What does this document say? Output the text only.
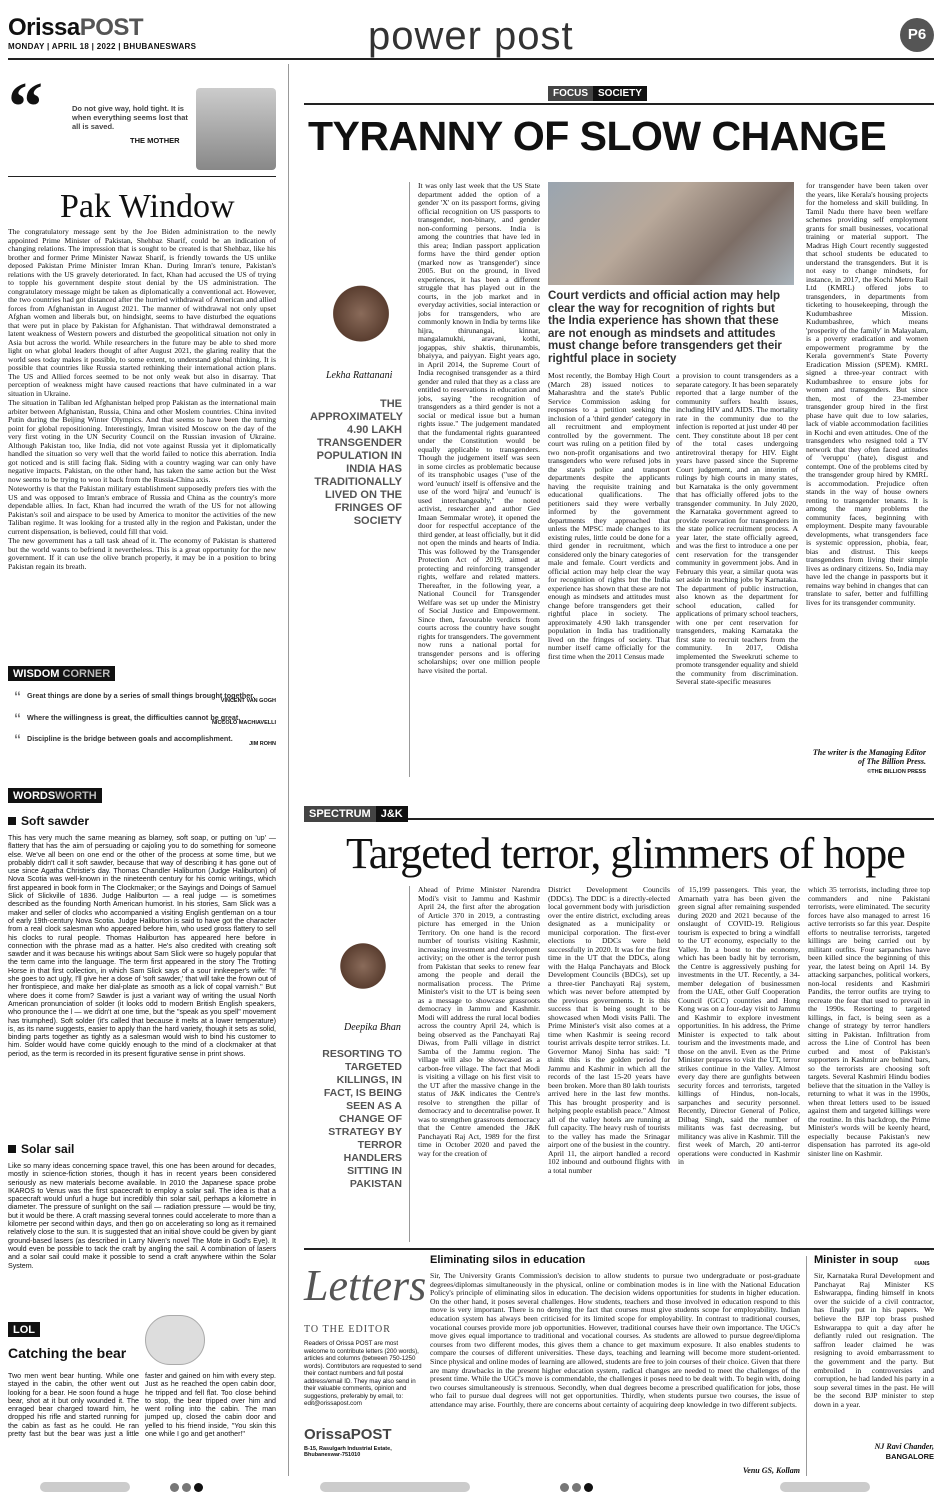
OrissaPOST
MONDAY | APRIL 18 | 2022 | BHUBANESWARS	power post	P6
“	Do not give way, hold tight. It is when everything seems lost that all is saved.
THE MOTHER
Pak Window

The congratulatory message sent by the Joe Biden administration to the newly appointed Prime Minister of Pakistan, Shehbaz Sharif, could be an indication of changing relations. The impression that is sought to be created is that Shehbaz, like his brother and former Prime Minister Nawaz Sharif, is friendly towards the US unlike deposed Pakistan Prime Minister Imran Khan. During Imran's tenure, Pakistan's relations with the US gravely deteriorated. In fact, Khan had accused the US of trying to topple his government despite stout denial by the US administration. The congratulatory message might be taken as diplomatically a conventional act. However, the two countries had got distanced after the hurried withdrawal of American and allied forces from Afghanistan in August 2021. The manner of withdrawal not only upset Afghan women and liberals but, on hindsight, seems to have disturbed the equations that were put in place by Pakistan for Afghanistan. That withdrawal demonstrated a latent weakness of Western powers and disturbed the geopolitical situation not only in Asia but across the world. While researchers in the future may be able to shed more light on what global leaders thought of after August 2021, the glaring reality that the world sees today makes it possible, to some extent, to understand global thinking. It is possible that countries like Russia started rethinking their international action plans. The US and Allied forces seemed to be not only weak but also in disarray. That perception of weakness might have caused reactions that have culminated in a war situation in Ukraine.

The situation in Taliban led Afghanistan helped prop Pakistan as the international main arbiter between Afghanistan, Russia, China and other Moslem countries. China invited Putin during the Beijing Winter Olympics. And that seems to have been the turning point for global repositioning. Interestingly, Imran visited Moscow on the day of the very first voting in the UN Security Council on the Russian invasion of Ukraine. Although Pakistan too, like India, did not vote against Russia yet it diplomatically handled the situation so very well that the world failed to notice this aberration. India got noticed and is still facing flak. Siding with a country waging war can only have negative impacts. Pakistan, on the other hand, has taken the same action but the West now seems to be trying to woo it back from the Russia-China axis.

Noteworthy is that the Pakistan military establishment supposedly prefers ties with the US and was opposed to Imran's embrace of Russia and China as the country's more dependable allies. In fact, Khan had incurred the wrath of the US for not allowing Pakistan's soil and airspace to be used by America to monitor the activities of the new Taliban regime. It was looking for a trusted ally in the region and Pakistan, under the current dispensation, is believed, could fill that void.

The new government has a tall task ahead of it. The economy of Pakistan is shattered but the world wants to befriend it nevertheless. This is a great opportunity for the new government. If it can use the olive branch properly, it may be in a position to bring Pakistan regain its breath.

WISDOM CORNER
“ Great things are done by a series of small things brought together.
VINCENT VAN GOGH
“ Where the willingness is great, the difficulties cannot be great.
NICCOLO MACHIAVELLI
“ Discipline is the bridge between goals and accomplishment.
JIM ROHN
WORDSWORTH
Soft sawder
This has very much the same meaning as blarney, soft soap, or putting on 'up' — flattery that has the aim of persuading or cajoling you to do something for someone else. We've all been on one end or the other of the process at some time, but we probably didn't call it soft sawder, because that way of describing it has gone out of use since Agatha Christie's day. Thomas Chandler Haliburton (Judge Haliburton) of Nova Scotia was well-known in the nineteenth century for his comic writings, which first appeared in book form in The Clockmaker; or the Sayings and Doings of Samuel Slick of Slickville of 1836. Judge Haliburton — a real judge — is sometimes described as the founding North American humorist. In his stories, Sam Slick was a maker and seller of clocks who accompanied a visiting English gentleman on a tour of early 19th-century Nova Scotia. Judge Haliburton is said to have got the character from a real clock salesman who appeared before him, who used gross flattery to sell his clocks to rural people. Thomas Haliburton has appeared here before in connection with the phrase mad as a hatter. He's also credited with creating soft sawder and it was because his writings about Sam Slick were so hugely popular that the term came into the language. The term first appeared in the story The Trotting Horse in that first collection, in which Sam Slick says of a sour innkeeper's wife: "If she goes to act ugly, I'll give her a dose of 'soft sawder,' that will take the frown out of her frontispiece, and make her dial-plate as smooth as a lick of copal varnish." But where does it come from? Sawder is just a variant way of writing the usual North American pronunciation of solder (it looks odd to modern British English speakers, who pronounce the l — we didn't at one time, but the "speak as you spell" movement has triumphed). Soft solder (it's called that because it melts at a lower temperature) is, as its name suggests, easier to apply than the hard variety, though it sets as solid, binding parts together as tightly as a salesman would wish to bind his customer to him. Solder would have come quickly enough to the mind of a clockmaker at that period, as the term is recorded in its present figurative sense in print shows.
Solar sail
Like so many ideas concerning space travel, this one has been around for decades, mostly in science-fiction stories, though it has in recent years been considered seriously as new materials become available. In 2010 the Japanese space probe IKAROS to Venus was the first spacecraft to employ a solar sail. The idea is that a spacecraft would unfurl a huge but incredibly thin solar sail, perhaps a kilometre in diameter. The pressure of sunlight on the sail — radiation pressure — would be tiny, but it would be there. A craft massing several tonnes could accelerate to more than a kilometre per second within days, and then go on accelerating so long as it remained relatively close to the sun. It is suggested that an initial shove could be given by giant ground-based lasers (as described in Larry Niven's novel The Mote in God's Eye). It would even be possible to tack the craft by angling the sail. A combination of lasers and a solar sail could make it possible to send a craft anywhere within the Solar System.
LOL
Catching the bear
Two men went bear hunting. While one stayed in the cabin, the other went out looking for a bear. He soon found a huge bear, shot at it but only wounded it. The enraged bear charged toward him, he dropped his rifle and started running for the cabin as fast as he could. He ran pretty fast but the bear was just a little faster and gained on him with every step. Just as he reached the open cabin door, he tripped and fell flat. Too close behind to stop, the bear tripped over him and went rolling into the cabin. The man jumped up, closed the cabin door and yelled to his friend inside, "You skin this one while I go and get another!"
FOCUS SOCIETY
TYRANNY OF SLOW CHANGE
Lekha Rattanani
THE APPROXIMATELY 4.90 LAKH TRANSGENDER POPULATION IN INDIA HAS TRADITIONALLY LIVED ON THE FRINGES OF SOCIETY

It was only last week that the US State department added the option of a gender 'X' on its passport forms, giving official recognition on US passports to transgender, non-binary, and gender non-conforming persons. India is among the countries that have led in this area; Indian passport application forms have the third gender option (marked now as 'transgender') since 2005. But on the ground, in lived experiences, it has been a different struggle that has played out in the courts, in the job market and in everyday activities, social interaction or jobs for transgenders, who are commonly known in India by terms like hijra, thirunangai, kinnar, mangalamukhi, aravani, kothi, jogappas, shiv shaktis, thirunambis, bhaiyya, and paiyyan. Eight years ago, in April 2014, the Supreme Court of India recognised transgender as a third gender and ruled that they as a class are entitled to reservations in education and jobs, saying "the recognition of transgenders as a third gender is not a social or medical issue but a human rights issue." The judgement mandated that the fundamental rights guaranteed under the Constitution would be equally applicable to transgenders. Though the judgement itself was seen in some circles as problematic because of its transphobic usages ("use of the word 'eunuch' itself is offensive and the use of the word 'hijra' and 'eunuch' is used interchangeably," the noted activist, researcher and author Gee Imaan Semmalar wrote), it opened the door for respectful acceptance of the third gender, at least officially, but it did not open the minds and hearts of India. This was followed by the Transgender Protection Act of 2019, aimed at protecting and reinforcing transgender rights, welfare and related matters. Thereafter, in the following year, a National Council for Transgender Welfare was set up under the Ministry of Social Justice and Empowerment. Since then, favourable verdicts from courts across the country have sought rights for transgenders. The government now runs a national portal for transgender persons and is offering scholarships; over one million people have visited the portal.

Court verdicts and official action may help clear the way for recognition of rights but the India experience has shown that these are not enough as mindsets and attitudes must change before transgenders get their rightful place in society

Most recently, the Bombay High Court (March 28) issued notices to Maharashtra and the state's Public Service Commission asking for responses to a petition seeking the inclusion of a 'third gender' category in all recruitment and employment controlled by the government. The court was ruling on a petition filed by two non-profit organisations and two transgenders who were refused jobs in the state's police and transport departments despite the applicants having the requisite training and educational qualifications. The petitioners said they were verbally informed by the government departments they approached that unless the MPSC made changes to its existing rules, little could be done for a third gender in recruitment, which considered only the binary categories of male and female. Court verdicts and official action may help clear the way for recognition of rights but the India experience has shown that these are not enough as mindsets and attitudes must change before transgenders get their rightful place in society. The approximately 4.90 lakh transgender population in India has traditionally lived on the fringes of society. That number itself came officially for the first time when the 2011 Census made

a provision to count transgenders as a separate category. It has been separately reported that a large number of the community suffers health issues, including HIV and AIDS. The mortality rate in the community due to the infection is reported at just under 40 per cent. They constitute about 18 per cent of the total cases undergoing antiretroviral therapy for HIV. Eight years have passed since the Supreme Court judgement, and an interim of rulings by high courts in many states, but Karnataka is the only government that has officially offered jobs to the transgender community. In July 2020, the Karnataka government agreed to provide reservation for transgenders in the state police recruitment process. A year later, the state officially agreed, and was the first to introduce a one per cent reservation for the transgender community in government jobs. And in February this year, a similar quota was set aside in teaching jobs by Karnataka. The department of public instruction, also known as the department for school education, called for applications of primary school teachers, with one per cent reservation for transgenders, making Karnataka the first state to recruit teachers from the community. In 2017, Odisha implemented the Sweekruti scheme to promote transgender equality and shield the community from discrimination. Several state-specific measures

for transgender have been taken over the years, like Kerala's housing projects for the homeless and skill building. In Tamil Nadu there have been welfare schemes providing self employment grants for small businesses, vocational training or material support. The Madras High Court recently suggested that school students be educated to understand the transgenders. But it is not easy to change mindsets, for instance, in 2017, the Kochi Metro Rail Ltd (KMRL) offered jobs to transgenders, in departments from ticketing to housekeeping, through the Kudumbashree Mission. Kudumbashree, which means 'prosperity of the family' in Malayalam, is a poverty eradication and women empowerment programme by the Kerala government's State Poverty Eradication Mission (SPEM). KMRL signed a three-year contract with Kudumbashree to ensure jobs for women and transgenders. But since then, most of the 23-member transgender group hired in the first phase have quit due to low salaries, lack of viable accommodation facilities in Kochi and even attitudes. One of the transgenders who resigned told a TV network that they often faced attitudes of 'veruppu' (hate), disgust and contempt. One of the problems cited by the transgender group hired by KMRL is accommodation. Prejudice often stands in the way of house owners renting to transgender tenants. It is among the many problems the community faces, beginning with employment. Despite many favourable developments, what transgenders face is systemic oppression, phobia, fear, bias and distrust. This keeps transgenders from living their simple lives as ordinary citizens. So, India may have led the change in passports but it remains way behind in changes that can translate to safer, better and fulfilling lives for its transgender community.

The writer is the Managing Editor of The Billion Press.
©THE BILLION PRESS
SPECTRUM J&K
Targeted terror, glimmers of hope
Deepika Bhan
RESORTING TO TARGETED KILLINGS, IN FACT, IS BEING SEEN AS A CHANGE OF STRATEGY BY TERROR HANDLERS SITTING IN PAKISTAN

Ahead of Prime Minister Narendra Modi's visit to Jammu and Kashmir April 24, the first after the abrogation of Article 370 in 2019, a contrasting picture has emerged in the Union Territory. On one hand is the record number of tourists visiting Kashmir, increasing investment and development activity; on the other is the terror push from Pakistan that seeks to renew fear among the people and derail the normalisation process. The Prime Minister's visit to the UT is being seen as a message to showcase grassroots democracy in Jammu and Kashmir. Modi will address the rural local bodies across the country April 24, which is being observed as the Panchayati Raj Diwas, from Palli village in district Samba of the Jammu region. The village will also be showcased as a carbon-free village. The fact that Modi is visiting a village on his first visit to the UT after the massive change in the status of J&K indicates the Centre's resolve to strengthen the pillar of democracy and to decentralise power. It was to strengthen grassroots democracy that the Centre amended the J&K Panchayati Raj Act, 1989 for the first time in October 2020 and paved the way for the creation of

District Development Councils (DDCs). The DDC is a directly-elected local government body with jurisdiction over the entire district, excluding areas designated as a municipality or municipal corporation. The first-ever elections to DDCs were held successfully in 2020. It was for the first time in the UT that the DDCs, along with the Halqa Panchayats and Block Development Councils (BDCs), set up a three-tier Panchayati Raj system, which was never before attempted by the previous governments. It is this success that is being sought to be showcased when Modi visits Palli. The Prime Minister's visit also comes at a time when Kashmir is seeing record tourist arrivals despite terror strikes. Lt. Governor Manoj Sinha has said: "I think this is the golden period for Jammu and Kashmir in which all the records of the last 15-20 years have been broken. More than 80 lakh tourists arrived here in the last few months. This has brought prosperity and is helping people establish peace." Almost all of the valley hotels are running at full capacity. The heavy rush of tourists to the valley has made the Srinagar airport one of the busiest in the country. April 11, the airport handled a record 102 inbound and outbound flights with a total number

of 15,199 passengers. This year, the Amarnath yatra has been given the green signal after remaining suspended during 2020 and 2021 because of the onslaught of COVID-19. Religious tourism is expected to bring a windfall to the UT economy, especially to the Valley. In a boost to the economy, which has been badly hit by terrorism, the Centre is aggressively pushing for investments in the UT. Recently, a 34-member delegation of businessmen from the UAE, other Gulf Cooperation Council (GCC) countries and Hong Kong was on a four-day visit to Jammu and Kashmir to explore investment opportunities. In his address, the Prime Minister is expected to talk about tourism and the investments made, and those on the anvil. Even as the Prime Minister prepares to visit the UT, terror strikes continue in the Valley. Almost every day there are gunfights between security forces and terrorists, targeted killings of Hindus, non-locals, sarpanches and security personnel. Recently, Director General of Police, Dilbag Singh, said the number of militants was fast decreasing, but militancy was alive in Kashmir. Till the first week of March, 20 anti-terror operations were conducted in Kashmir in

which 35 terrorists, including three top commanders and nine Pakistani terrorists, were eliminated. The security forces have also managed to arrest 16 active terrorists so far this year. Despite efforts to neutralise terrorists, targeted killings are being carried out by militant outfits. Four sarpanches have been killed since the beginning of this year, the latest being on April 14. By attacking sarpanches, political workers, non-local residents and Kashmiri Pandits, the terror outfits are trying to recreate the fear that used to prevail in the 1990s. Resorting to targeted killings, in fact, is being seen as a change of strategy by terror handlers sitting in Pakistan. Infiltration from across the Line of Control has been curbed and most of Pakistan's supporters in Kashmir are behind bars, so the terrorists are choosing soft targets. Several Kashmiri Hindu bodies believe that the situation in the Valley is returning to what it was in the 1990s, when threat letters used to be issued against them and targeted killings were the routine. In this backdrop, the Prime Minister's words will be keenly heard, especially because Pakistan's new dispensation has parroted its age-old sinister line on Kashmir.

©IANS
Letters
TO THE EDITOR
Readers of Orissa POST are most welcome to contribute letters (200 words), articles and columns (between 750-1250 words). Contributors are requested to send their contact numbers and full postal address/email ID. They may also send in their valuable comments, opinion and suggestions, preferably by email, to: edit@orissapost.com
OrissaPOST
B-15, Rasulgarh Industrial Estate, Bhubaneswar-751010
Eliminating silos in education
Sir, The University Grants Commission's decision to allow students to pursue two undergraduate or post-graduate degrees/diplomas simultaneously in the physical, online or combination modes is in line with the National Education Policy's principle of eliminating silos in education. The decision widens opportunities for students in higher education. On the other hand, it poses several challenges. How students, teachers and those involved in education respond to this move is very important. There is no denying the fact that courses must give students scope for employability. Indian education system has always been criticised for its limited scope for employability. In contrast to traditional courses, vocational courses provide more job opportunities. However, traditional courses have their own importance. The UGC's move gives equal importance to traditional and vocational courses. As students are allowed to pursue degree/diploma courses from two different modes, this gives them a chance to get maximum exposure. It also enables students to compare the courses of different universities. These days, teaching and learning will become more student-oriented. Since physical and online modes of learning are allowed, students are free to join courses of their choice. Given that there are many drawbacks in the present higher education system, radical changes are needed to meet the challenges of the present time. While the UGC's move is commendable, the challenges it poses need to be dealt with. To begin with, doing two courses simultaneously is strenuous. Secondly, when dual degrees become a prescribed qualification for jobs, those who fail to pursue dual degrees will not get opportunities. Thirdly, when students pursue two courses, the issue of attendance may arise. Fourthly, there are concerns about certainty of acquiring deep knowledge in two different subjects.
Venu GS, Kollam
Minister in soup
Sir, Karnataka Rural Development and Panchayat Raj Minister KS Eshwarappa, finding himself in knots over the suicide of a civil contractor, has finally put in his papers. We believe the BJP top brass pushed Eshwarappa to quit a day after he defiantly ruled out resignation. The saffron leader claimed he was resigning to avoid embarrassment to the government and the party. But embroiled in controversies and corruption, he had landed his party in a soup several times in the past. He will be the second BJP minister to step down in a year.
NJ Ravi Chander,
BANGALORE
